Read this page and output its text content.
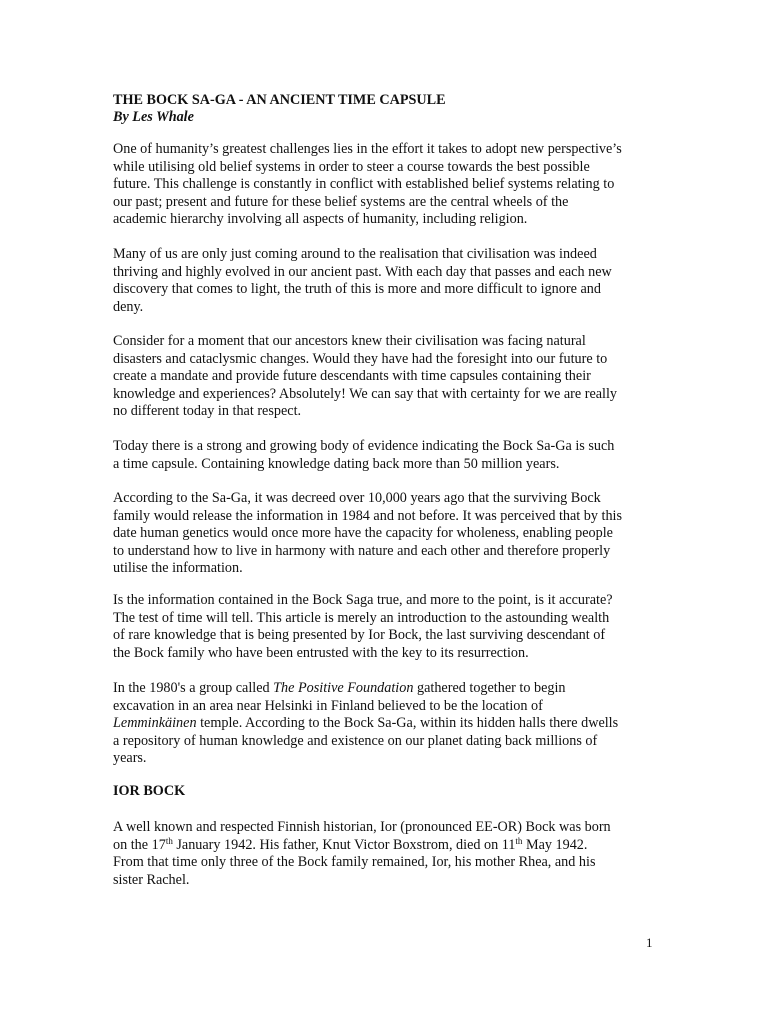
THE BOCK SA-GA - AN ANCIENT TIME CAPSULE
By Les Whale
One of humanity’s greatest challenges lies in the effort it takes to adopt new perspective’s
while utilising old belief systems in order to steer a course towards the best possible
future. This challenge is constantly in conflict with established belief systems relating to
our past; present and future for these belief systems are the central wheels of the
academic hierarchy involving all aspects of humanity, including religion.
Many of us are only just coming around to the realisation that civilisation was indeed
thriving and highly evolved in our ancient past. With each day that passes and each new
discovery that comes to light, the truth of this is more and more difficult to ignore and
deny.
Consider for a moment that our ancestors knew their civilisation was facing natural
disasters and cataclysmic changes. Would they have had the foresight into our future to
create a mandate and provide future descendants with time capsules containing their
knowledge and experiences? Absolutely! We can say that with certainty for we are really
no different today in that respect.
Today there is a strong and growing body of evidence indicating the Bock Sa-Ga is such
a time capsule. Containing knowledge dating back more than 50 million years.
According to the Sa-Ga, it was decreed over 10,000 years ago that the surviving Bock
family would release the information in 1984 and not before. It was perceived that by this
date human genetics would once more have the capacity for wholeness, enabling people
to understand how to live in harmony with nature and each other and therefore properly
utilise the information.
Is the information contained in the Bock Saga true, and more to the point, is it accurate?
The test of time will tell. This article is merely an introduction to the astounding wealth
of rare knowledge that is being presented by Ior Bock, the last surviving descendant of
the Bock family who have been entrusted with the key to its resurrection.
In the 1980's a group called The Positive Foundation gathered together to begin
excavation in an area near Helsinki in Finland believed to be the location of
Lemminkäinen temple. According to the Bock Sa-Ga, within its hidden halls there dwells
a repository of human knowledge and existence on our planet dating back millions of
years.
IOR BOCK
A well known and respected Finnish historian, Ior (pronounced EE-OR) Bock was born
on the 17th January 1942. His father, Knut Victor Boxstrom, died on 11th May 1942.
From that time only three of the Bock family remained, Ior, his mother Rhea, and his
sister Rachel.
1
